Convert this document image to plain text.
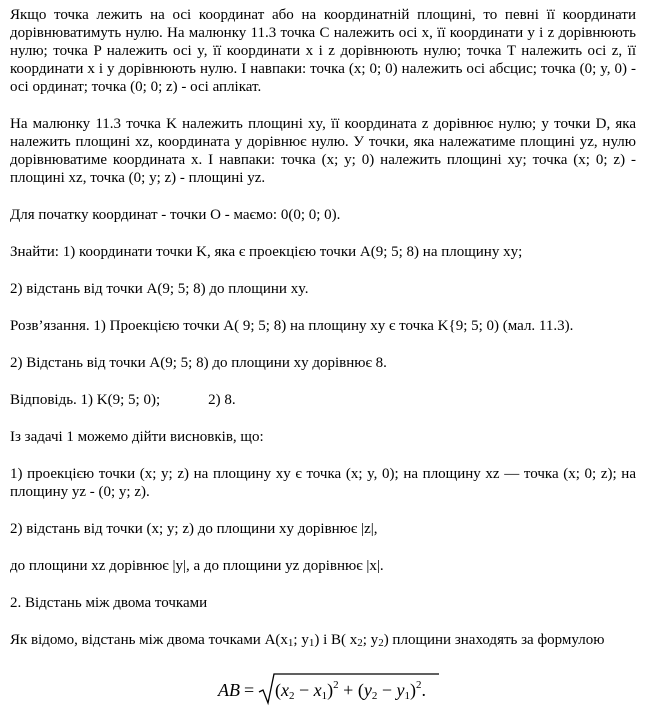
Якщо точка лежить на осі координат або на координатній площині, то певні її координати дорівнюватимуть нулю. На малюнку 11.3 точка C належить осі x, її координати y і z дорівнюють нулю; точка P належить осі y, її координати x і z дорівнюють нулю; точка T належить осі z, її координати x і y дорівнюють нулю. І навпаки: точка (x; 0; 0) належить осі абсцис; точка (0; y, 0) - осі ординат; точка (0; 0; z) - осі аплікат.

На малюнку 11.3 точка K належить площині xy, її координата z дорівнює нулю; у точки D, яка належить площині xz, координата y дорівнює нулю. У точки, яка належатиме площині yz, нулю дорівнюватиме координата x. І навпаки: точка (x; y; 0) належить площині xy; точка (x; 0; z) - площині xz, точка (0; y; z) - площині yz.

Для початку координат - точки O - маємо: 0(0; 0; 0).

Знайти: 1) координати точки K, яка є проекцією точки A(9; 5; 8) на площину xy;

2) відстань від точки A(9; 5; 8) до площини xy.

Розв’язання. 1) Проекцією точки A( 9; 5; 8) на площину xy є точка K{9; 5; 0) (мал. 11.3).

2) Відстань від точки A(9; 5; 8) до площини xy дорівнює 8.

Відповідь. 1) K(9; 5; 0);	2) 8.

Із задачі 1 можемо дійти висновків, що:

1) проекцією точки (x; y; z) на площину xy є точка (x; y, 0); на площину xz — точка (x; 0; z); на площину yz - (0; y; z).

2) відстань від точки (x; y; z) до площини xy дорівнює |z|,

до площини xz дорівнює |y|, а до площини yz дорівнює |x|.

2. Відстань між двома точками

Як відомо, відстань між двома точками $A(x_1$; $y_1$) і B( $x_2$; $y_2$) площини знаходять за формулою

AB = $(x_2 - x_1)^2 + (y_2 - y_1)^2$.
